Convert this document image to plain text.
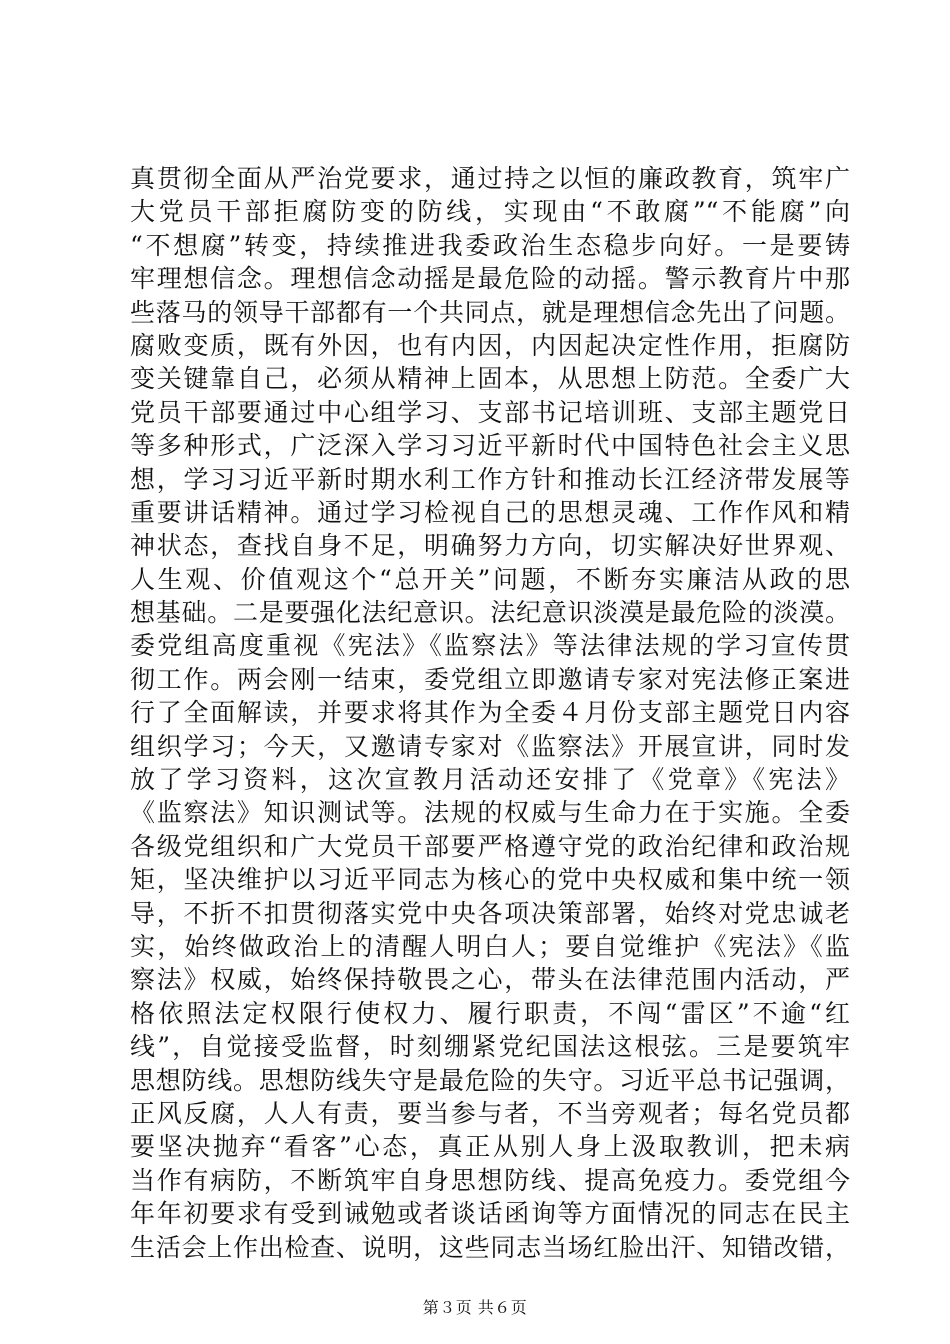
真贯彻全面从严治党要求，通过持之以恒的廉政教育，筑牢广
大党员干部拒腐防变的防线，实现由“不敢腐”“不能腐”向
“不想腐”转变，持续推进我委政治生态稳步向好。一是要铸
牢理想信念。理想信念动摇是最危险的动摇。警示教育片中那
些落马的领导干部都有一个共同点，就是理想信念先出了问题。
腐败变质，既有外因，也有内因，内因起决定性作用，拒腐防
变关键靠自己，必须从精神上固本，从思想上防范。全委广大
党员干部要通过中心组学习、支部书记培训班、支部主题党日
等多种形式，广泛深入学习习近平新时代中国特色社会主义思
想，学习习近平新时期水利工作方针和推动长江经济带发展等
重要讲话精神。通过学习检视自己的思想灵魂、工作作风和精
神状态，查找自身不足，明确努力方向，切实解决好世界观、
人生观、价值观这个“总开关”问题，不断夯实廉洁从政的思
想基础。二是要强化法纪意识。法纪意识淡漠是最危险的淡漠。
委党组高度重视《宪法》《监察法》等法律法规的学习宣传贯
彻工作。两会刚一结束，委党组立即邀请专家对宪法修正案进
行了全面解读，并要求将其作为全委４月份支部主题党日内容
组织学习；今天，又邀请专家对《监察法》开展宣讲，同时发
放了学习资料，这次宣教月活动还安排了《党章》《宪法》
《监察法》知识测试等。法规的权威与生命力在于实施。全委
各级党组织和广大党员干部要严格遵守党的政治纪律和政治规
矩，坚决维护以习近平同志为核心的党中央权威和集中统一领
导，不折不扣贯彻落实党中央各项决策部署，始终对党忠诚老
实，始终做政治上的清醒人明白人；要自觉维护《宪法》《监
察法》权威，始终保持敬畏之心，带头在法律范围内活动，严
格依照法定权限行使权力、履行职责，不闯“雷区”不逾“红
线”，自觉接受监督，时刻绷紧党纪国法这根弦。三是要筑牢
思想防线。思想防线失守是最危险的失守。习近平总书记强调，
正风反腐，人人有责，要当参与者，不当旁观者；每名党员都
要坚决抛弃“看客”心态，真正从别人身上汲取教训，把未病
当作有病防，不断筑牢自身思想防线、提高免疫力。委党组今
年年初要求有受到诫勉或者谈话函询等方面情况的同志在民主
生活会上作出检查、说明，这些同志当场红脸出汗、知错改错，
第３页 共６页
